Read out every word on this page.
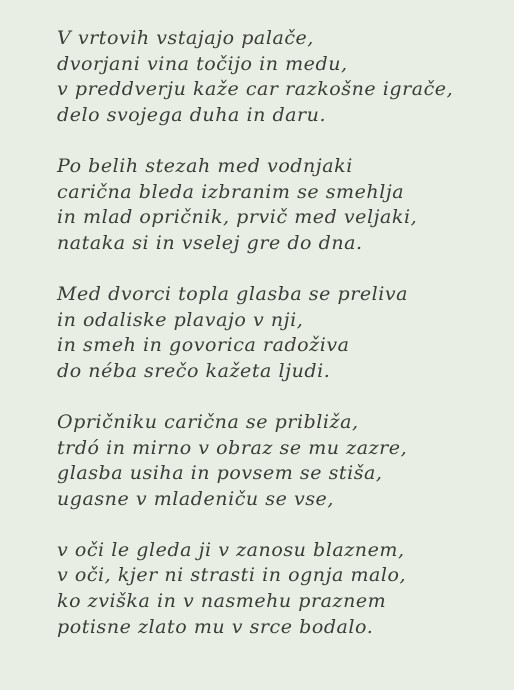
V vrtovih vstajajo palače,
dvorjani vina točijo in medu,
v preddverju kaže car razkošne igrače,
delo svojega duha in daru.
Po belih stezah med vodnjaki
carična bleda izbranim se smehlja
in mlad opričnik, prvič med veljaki,
nataka si in vselej gre do dna.
Med dvorci topla glasba se preliva
in odaliske plavajo v nji,
in smeh in govorica radoživa
do néba srečo kažeta ljudi.
Opričniku carična se približa,
trdó in mirno v obraz se mu zazre,
glasba usiha in povsem se stiša,
ugasne v mladeniču se vse,
v oči le gleda ji v zanosu blaznem,
v oči, kjer ni strasti in ognja malo,
ko zviška in v nasmehu praznem
potisne zlato mu v srce bodalo.
